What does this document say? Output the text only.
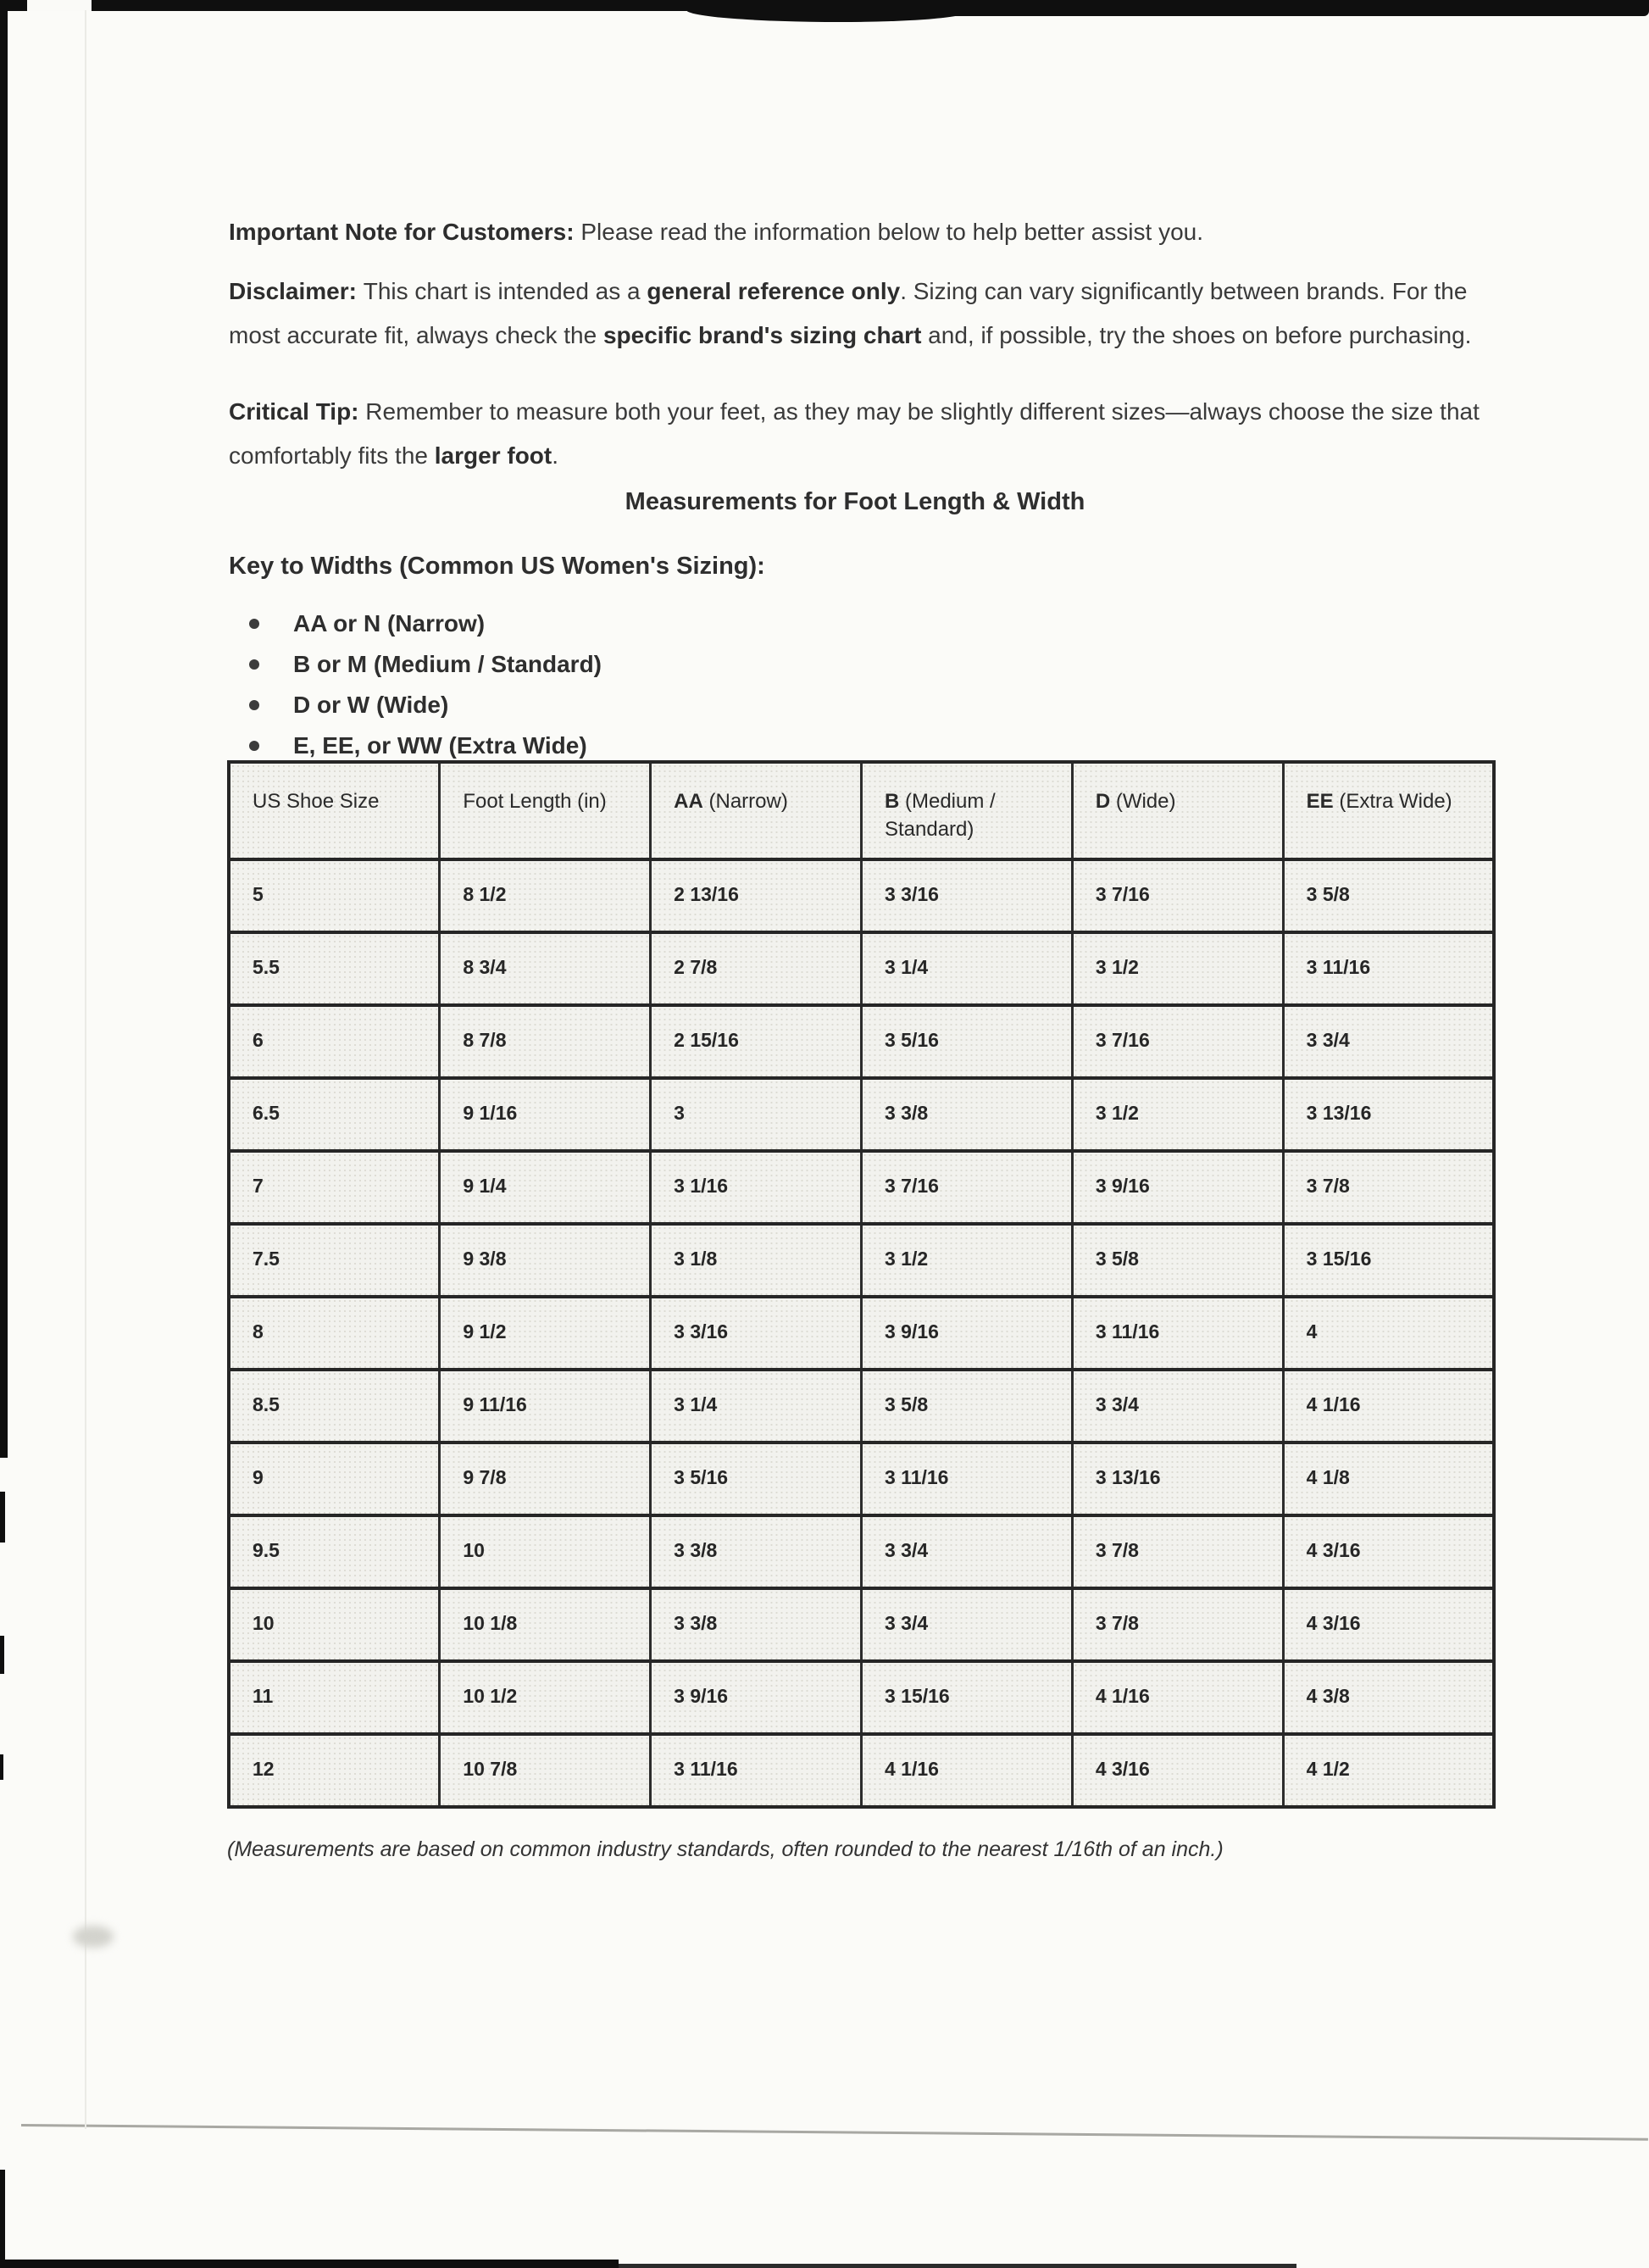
Important Note for Customers: Please read the information below to help better assist you.

Disclaimer: This chart is intended as a general reference only. Sizing can vary significantly between brands. For the most accurate fit, always check the specific brand's sizing chart and, if possible, try the shoes on before purchasing.

Critical Tip: Remember to measure both your feet, as they may be slightly different sizes—always choose the size that comfortably fits the larger foot.

Measurements for Foot Length & Width
Key to Widths (Common US Women's Sizing):
AA or N (Narrow)
B or M (Medium / Standard)
D or W (Wide)
E, EE, or WW (Extra Wide)
US Shoe Size	Foot Length (in)	AA (Narrow)	B (Medium / Standard)	D (Wide)	EE (Extra Wide)
5	8 1/2	2 13/16	3 3/16	3 7/16	3 5/8
5.5	8 3/4	2 7/8	3 1/4	3 1/2	3 11/16
6	8 7/8	2 15/16	3 5/16	3 7/16	3 3/4
6.5	9 1/16	3	3 3/8	3 1/2	3 13/16
7	9 1/4	3 1/16	3 7/16	3 9/16	3 7/8
7.5	9 3/8	3 1/8	3 1/2	3 5/8	3 15/16
8	9 1/2	3 3/16	3 9/16	3 11/16	4
8.5	9 11/16	3 1/4	3 5/8	3 3/4	4 1/16
9	9 7/8	3 5/16	3 11/16	3 13/16	4 1/8
9.5	10	3 3/8	3 3/4	3 7/8	4 3/16
10	10 1/8	3 3/8	3 3/4	3 7/8	4 3/16
11	10 1/2	3 9/16	3 15/16	4 1/16	4 3/8
12	10 7/8	3 11/16	4 1/16	4 3/16	4 1/2

(Measurements are based on common industry standards, often rounded to the nearest 1/16th of an inch.)
